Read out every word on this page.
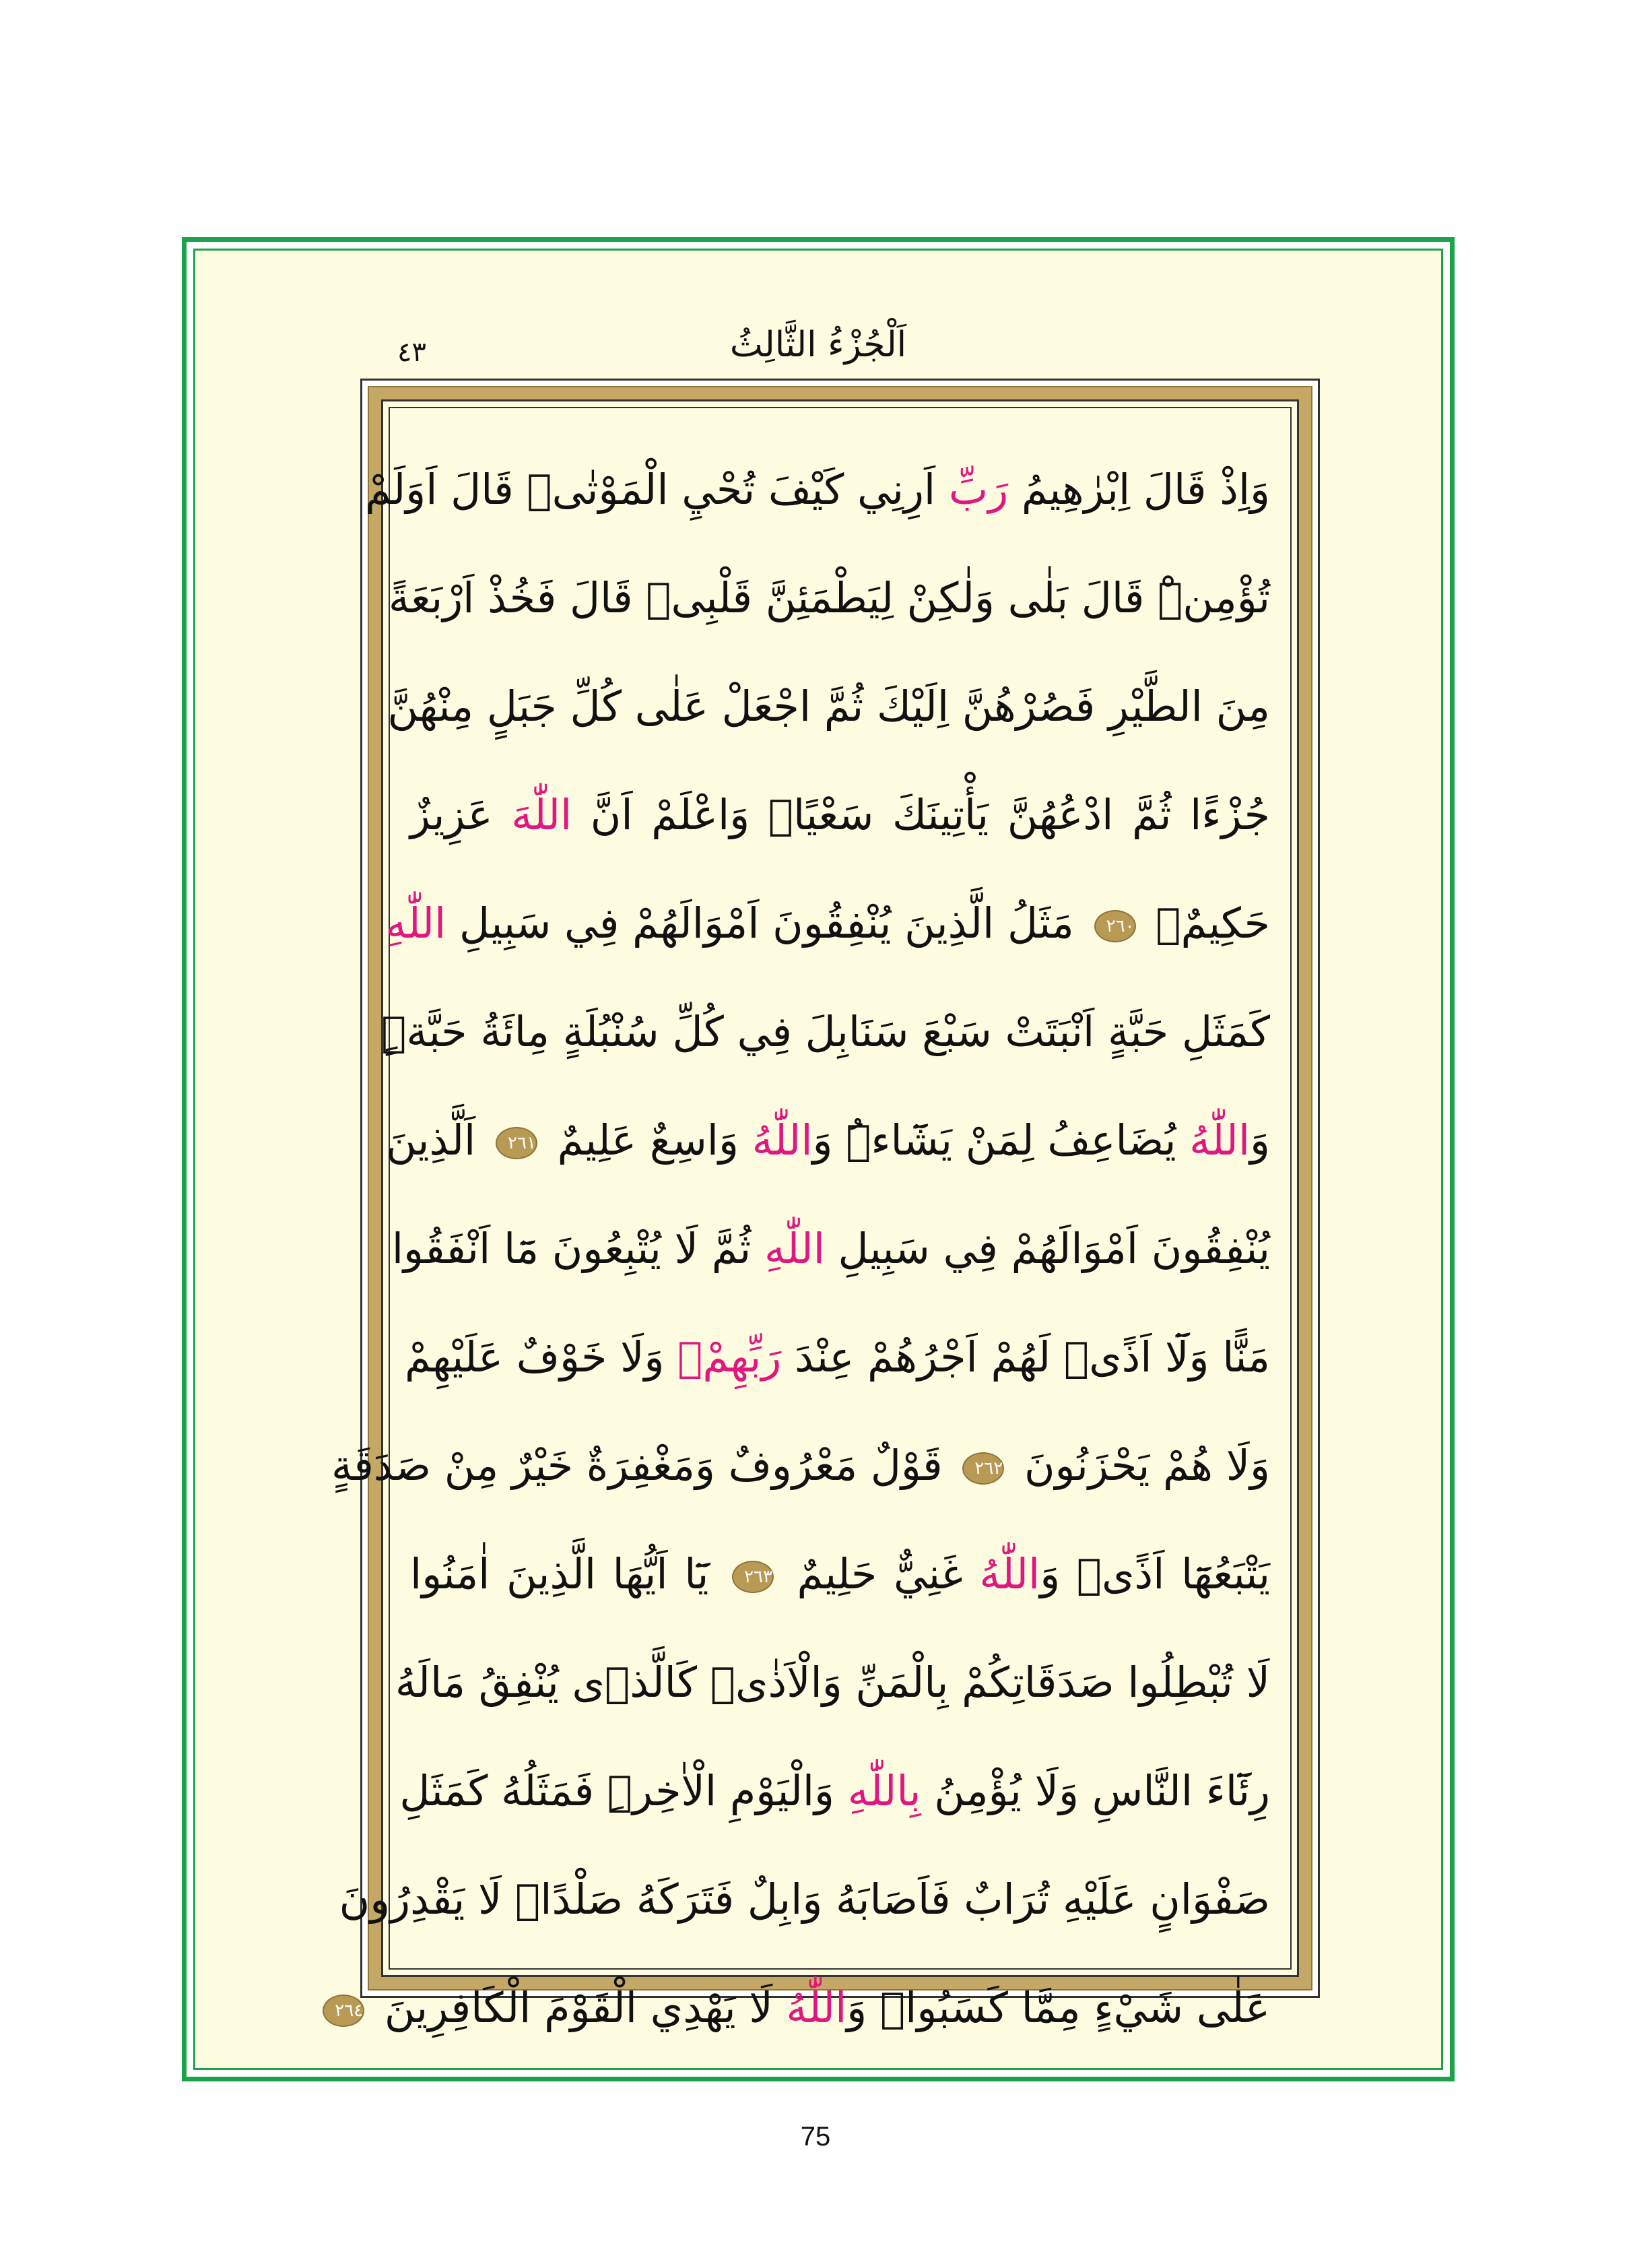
اَلْجُزْءُ الثَّالِثُ
٤٣
وَاِذْ قَالَ اِبْرٰهِيمُ رَبِّ اَرِنِي كَيْفَ تُحْيِ الْمَوْتٰىۜ قَالَ اَوَلَمْ
تُؤْمِنْۜ قَالَ بَلٰى وَلٰكِنْ لِيَطْمَئِنَّ قَلْبِىۜ قَالَ فَخُذْ اَرْبَعَةً
مِنَ الطَّيْرِ فَصُرْهُنَّ اِلَيْكَ ثُمَّ اجْعَلْ عَلٰى كُلِّ جَبَلٍ مِنْهُنَّ
جُزْءًا ثُمَّ ادْعُهُنَّ يَأْتِينَكَ سَعْيًاۜ وَاعْلَمْ اَنَّ اللّٰهَ عَزِيزٌ
حَكِيمٌ۟ ٢٦٠ مَثَلُ الَّذِينَ يُنْفِقُونَ اَمْوَالَهُمْ فِي سَبِيلِ اللّٰهِ
كَمَثَلِ حَبَّةٍ اَنْبَتَتْ سَبْعَ سَنَابِلَ فِي كُلِّ سُنْبُلَةٍ مِائَةُ حَبَّةٍۜ
وَاللّٰهُ يُضَاعِفُ لِمَنْ يَشَٓاءُۜ وَاللّٰهُ وَاسِعٌ عَلِيمٌ ٢٦١ اَلَّذِينَ
يُنْفِقُونَ اَمْوَالَهُمْ فِي سَبِيلِ اللّٰهِ ثُمَّ لَا يُتْبِعُونَ مَٓا اَنْفَقُوا
مَنًّا وَلَٓا اَذًىۙ لَهُمْ اَجْرُهُمْ عِنْدَ رَبِّهِمْۚ وَلَا خَوْفٌ عَلَيْهِمْ
وَلَا هُمْ يَحْزَنُونَ ٢٦٢ قَوْلٌ مَعْرُوفٌ وَمَغْفِرَةٌ خَيْرٌ مِنْ صَدَقَةٍ
يَتْبَعُهَٓا اَذًىۜ وَاللّٰهُ غَنِيٌّ حَلِيمٌ ٢٦٣ يَٓا اَيُّهَا الَّذِينَ اٰمَنُوا
لَا تُبْطِلُوا صَدَقَاتِكُمْ بِالْمَنِّ وَالْاَذٰىۙ كَالَّذٖى يُنْفِقُ مَالَهُ
رِئَٓاءَ النَّاسِ وَلَا يُؤْمِنُ بِاللّٰهِ وَالْيَوْمِ الْاٰخِرِۜ فَمَثَلُهُ كَمَثَلِ
صَفْوَانٍ عَلَيْهِ تُرَابٌ فَاَصَابَهُ وَابِلٌ فَتَرَكَهُ صَلْدًاۜ لَا يَقْدِرُونَ
عَلٰى شَيْءٍ مِمَّا كَسَبُواۜ وَاللّٰهُ لَا يَهْدِي الْقَوْمَ الْكَافِرِينَ ٢٦٤
75
